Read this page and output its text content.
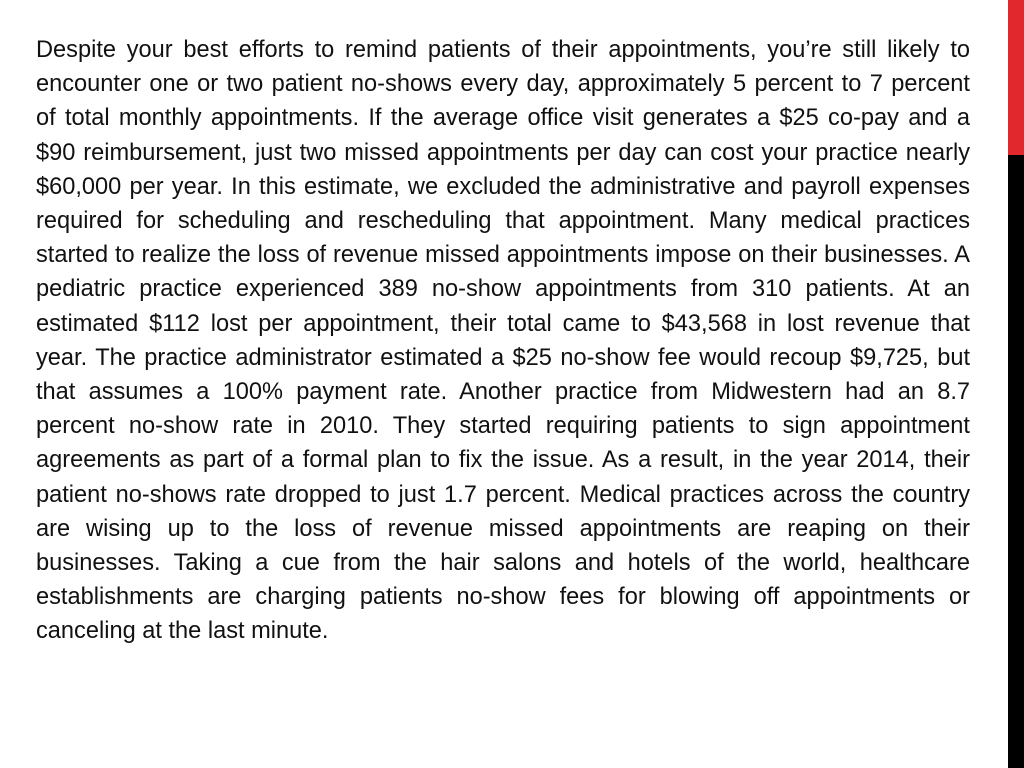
Despite your best efforts to remind patients of their appointments, you’re still likely to encounter one or two patient no-shows every day, approximately 5 percent to 7 percent of total monthly appointments. If the average office visit generates a $25 co-pay and a $90 reimbursement, just two missed appointments per day can cost your practice nearly $60,000 per year. In this estimate, we excluded the administrative and payroll expenses required for scheduling and rescheduling that appointment. Many medical practices started to realize the loss of revenue missed appointments impose on their businesses. A pediatric practice experienced 389 no-show appointments from 310 patients. At an estimated $112 lost per appointment, their total came to $43,568 in lost revenue that year. The practice administrator estimated a $25 no-show fee would recoup $9,725, but that assumes a 100% payment rate. Another practice from Midwestern had an 8.7 percent no-show rate in 2010. They started requiring patients to sign appointment agreements as part of a formal plan to fix the issue. As a result, in the year 2014, their patient no-shows rate dropped to just 1.7 percent. Medical practices across the country are wising up to the loss of revenue missed appointments are reaping on their businesses. Taking a cue from the hair salons and hotels of the world, healthcare establishments are charging patients no-show fees for blowing off appointments or canceling at the last minute.
